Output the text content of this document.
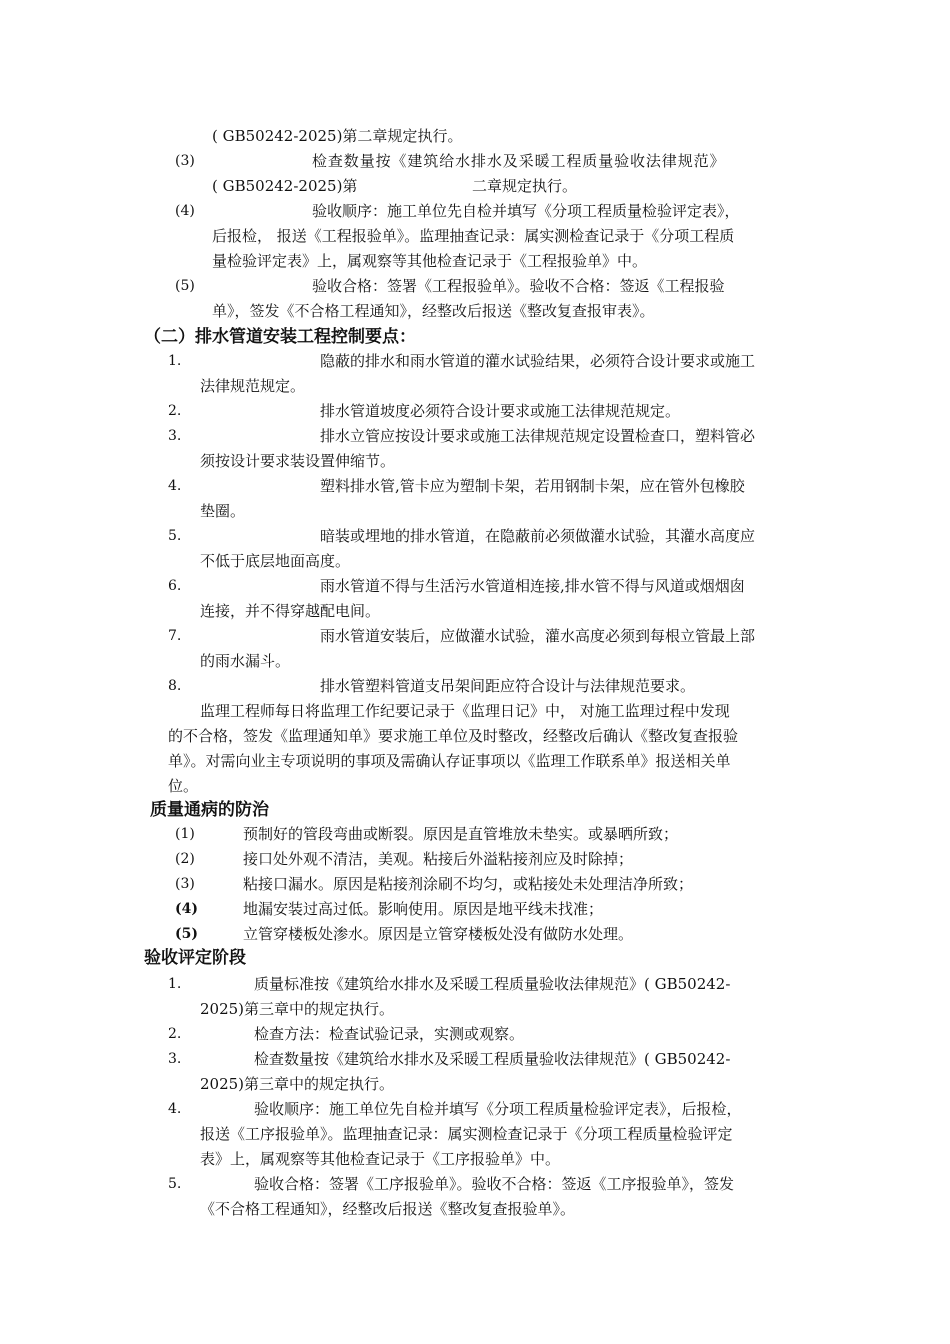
( GB50242-2025)第二章规定执行。
(3)	检查数量按《建筑给水排水及采暖工程质量验收法律规范》
( GB50242-2025)第	二章规定执行。
(4)	验收顺序：施工单位先自检并填写《分项工程质量检验评定表》，
后报检， 报送《工程报验单》。监理抽查记录：属实测检查记录于《分项工程质
量检验评定表》上，属观察等其他检查记录于《工程报验单》中。
(5)	验收合格：签署《工程报验单》。验收不合格：签返《工程报验
单》，签发《不合格工程通知》，经整改后报送《整改复查报审表》。
（二）排水管道安装工程控制要点：
1.	隐蔽的排水和雨水管道的灌水试验结果，必须符合设计要求或施工
法律规范规定。
2.	排水管道坡度必须符合设计要求或施工法律规范规定。
3.	排水立管应按设计要求或施工法律规范规定设置检查口，塑料管必
须按设计要求装设置伸缩节。
4.	塑料排水管,管卡应为塑制卡架，若用钢制卡架，应在管外包橡胶
垫圈。
5.	暗装或埋地的排水管道，在隐蔽前必须做灌水试验，其灌水高度应
不低于底层地面高度。
6.	雨水管道不得与生活污水管道相连接,排水管不得与风道或烟烟囱
连接，并不得穿越配电间。
7.	雨水管道安装后，应做灌水试验，灌水高度必须到每根立管最上部
的雨水漏斗。
8.	排水管塑料管道支吊架间距应符合设计与法律规范要求。
监理工程师每日将监理工作纪要记录于《监理日记》中， 对施工监理过程中发现
的不合格，签发《监理通知单》要求施工单位及时整改，经整改后确认《整改复查报验
单》。对需向业主专项说明的事项及需确认存证事项以《监理工作联系单》报送相关单
位。
质量通病的防治
(1)	预制好的管段弯曲或断裂。原因是直管堆放未垫实。或暴晒所致；
(2)	接口处外观不清洁，美观。粘接后外溢粘接剂应及时除掉；
(3)	粘接口漏水。原因是粘接剂涂刷不均匀，或粘接处未处理洁净所致；
(4)	地漏安装过高过低。影响使用。原因是地平线未找准；
(5)	立管穿楼板处渗水。原因是立管穿楼板处没有做防水处理。
验收评定阶段
1.	质量标准按《建筑给水排水及采暖工程质量验收法律规范》( GB50242-
2025)第三章中的规定执行。
2.	检查方法：检查试验记录，实测或观察。
3.	检查数量按《建筑给水排水及采暖工程质量验收法律规范》( GB50242-
2025)第三章中的规定执行。
4.	验收顺序：施工单位先自检并填写《分项工程质量检验评定表》，后报检，
报送《工序报验单》。监理抽查记录：属实测检查记录于《分项工程质量检验评定
表》上，属观察等其他检查记录于《工序报验单》中。
5.	验收合格：签署《工序报验单》。验收不合格：签返《工序报验单》，签发
《不合格工程通知》，经整改后报送《整改复查报验单》。
